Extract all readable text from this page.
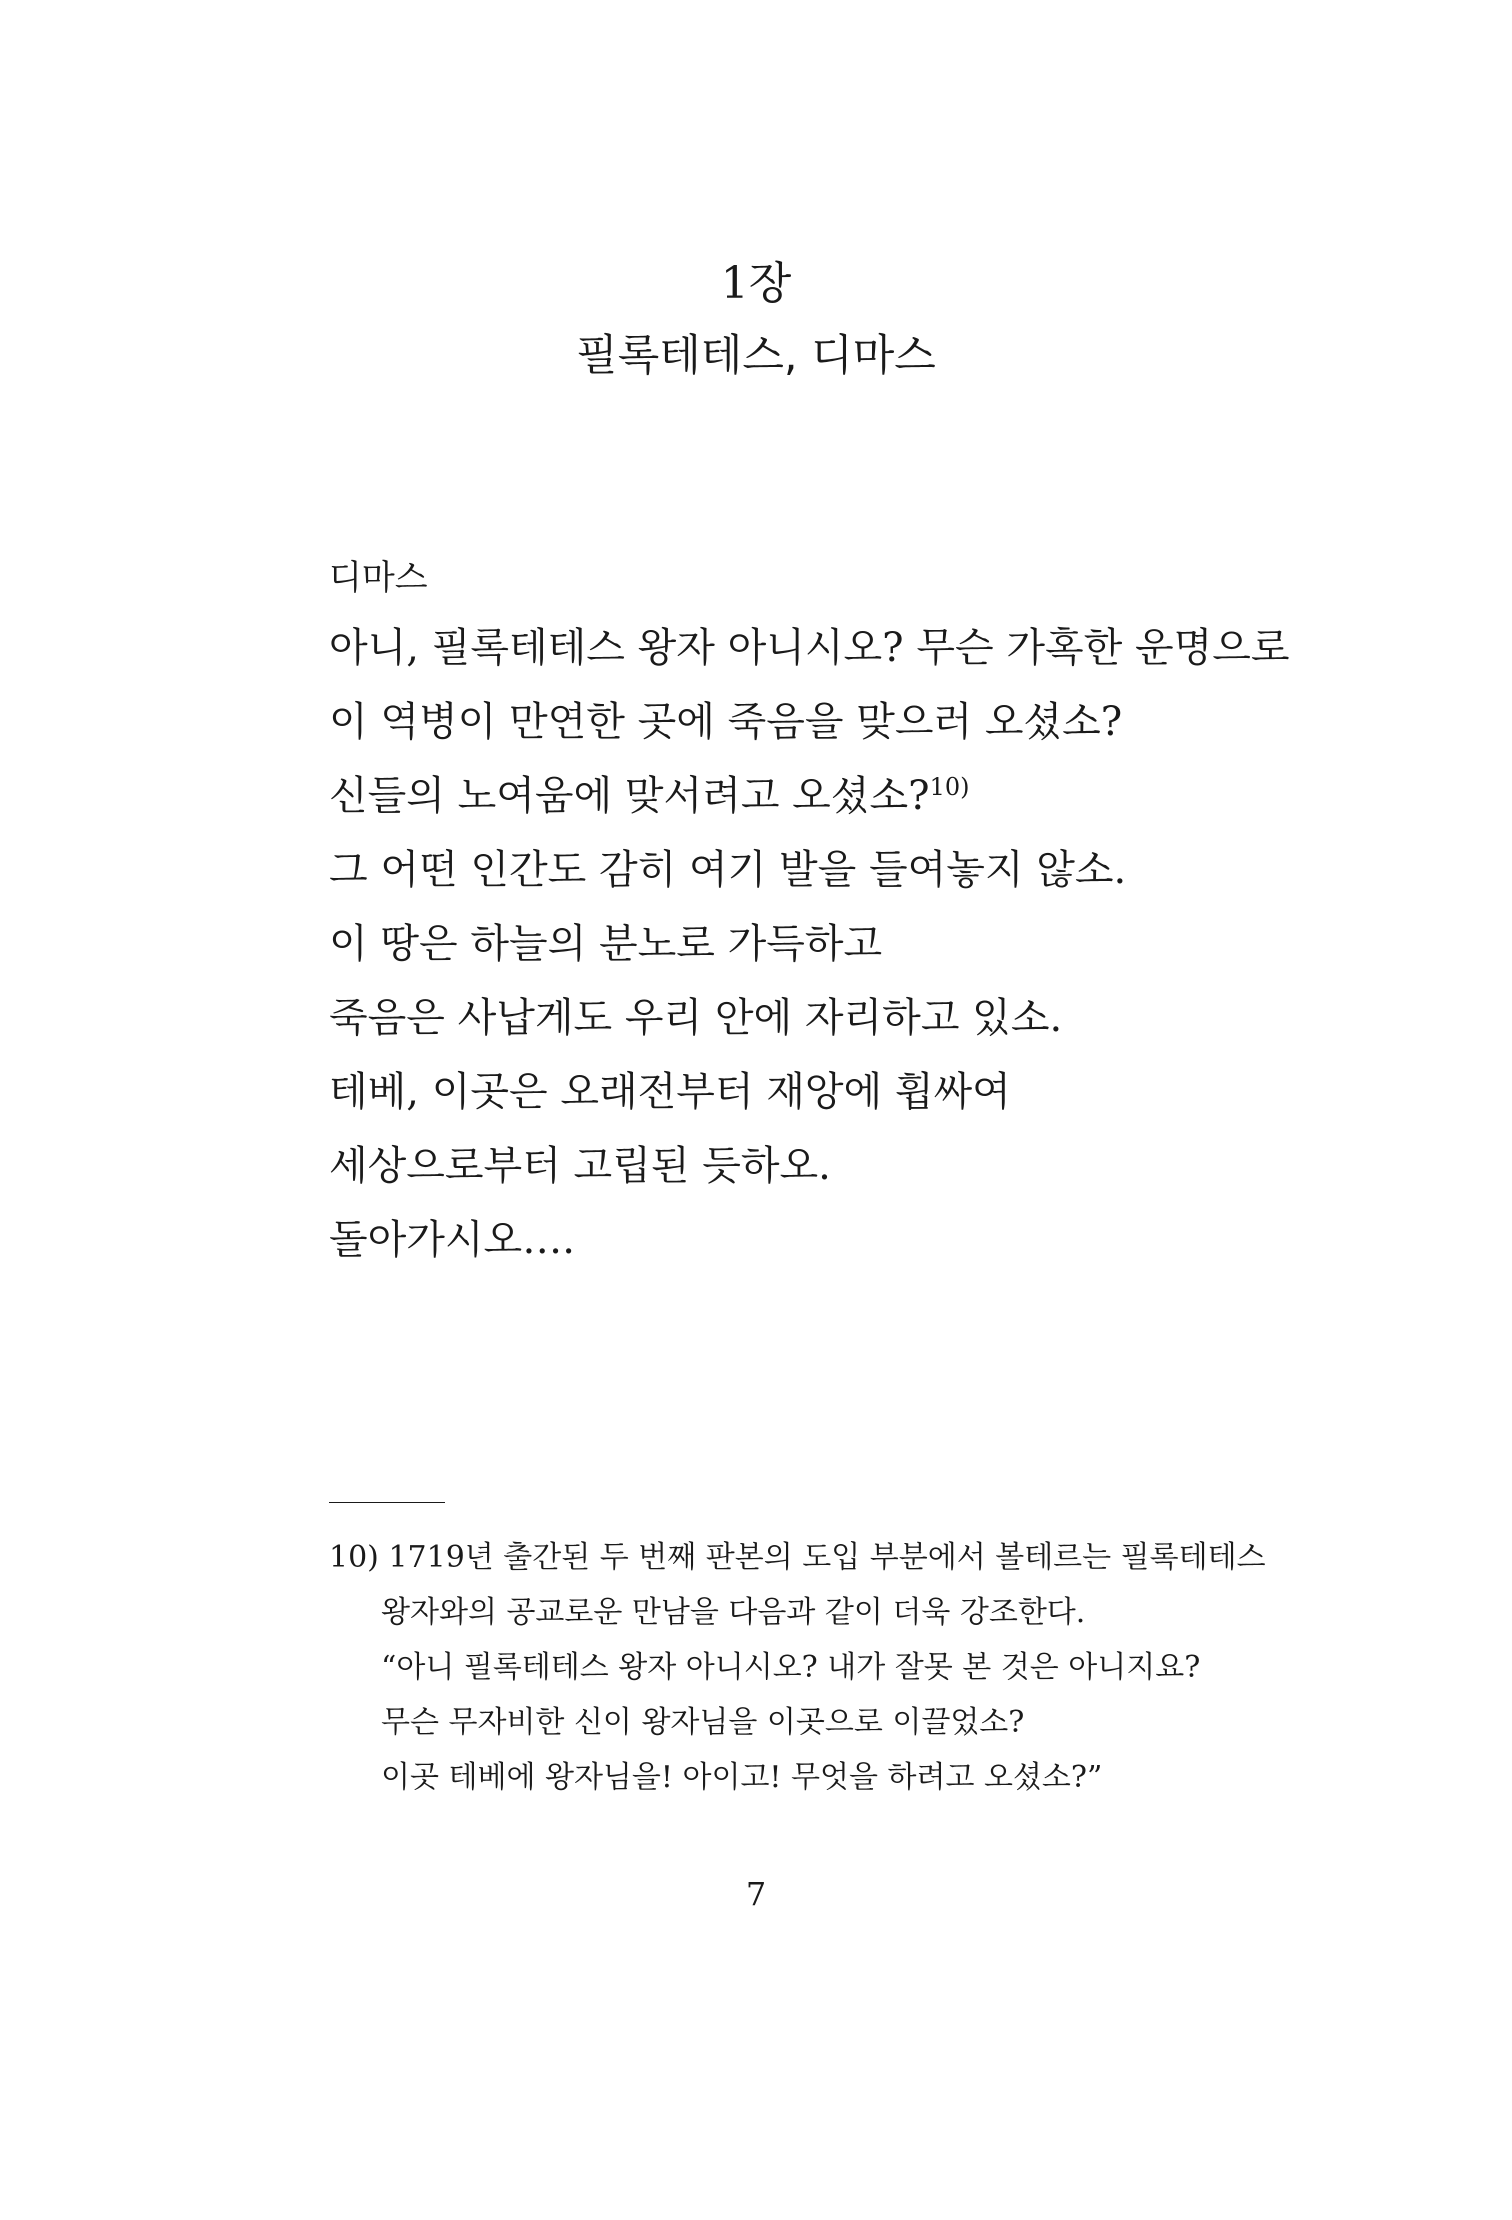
1장
필록테테스, 디마스
디마스
아니, 필록테테스 왕자 아니시오? 무슨 가혹한 운명으로
이 역병이 만연한 곳에 죽음을 맞으러 오셨소?
신들의 노여움에 맞서려고 오셨소?$^{10)}$
그 어떤 인간도 감히 여기 발을 들여놓지 않소.
이 땅은 하늘의 분노로 가득하고
죽음은 사납게도 우리 안에 자리하고 있소.
테베, 이곳은 오래전부터 재앙에 휩싸여
세상으로부터 고립된 듯하오.
돌아가시오….
10) 1719년 출간된 두 번째 판본의 도입 부분에서 볼테르는 필록테테스
왕자와의 공교로운 만남을 다음과 같이 더욱 강조한다.
“아니 필록테테스 왕자 아니시오? 내가 잘못 본 것은 아니지요?
무슨 무자비한 신이 왕자님을 이곳으로 이끌었소?
이곳 테베에 왕자님을! 아이고! 무엇을 하려고 오셨소?”
7
